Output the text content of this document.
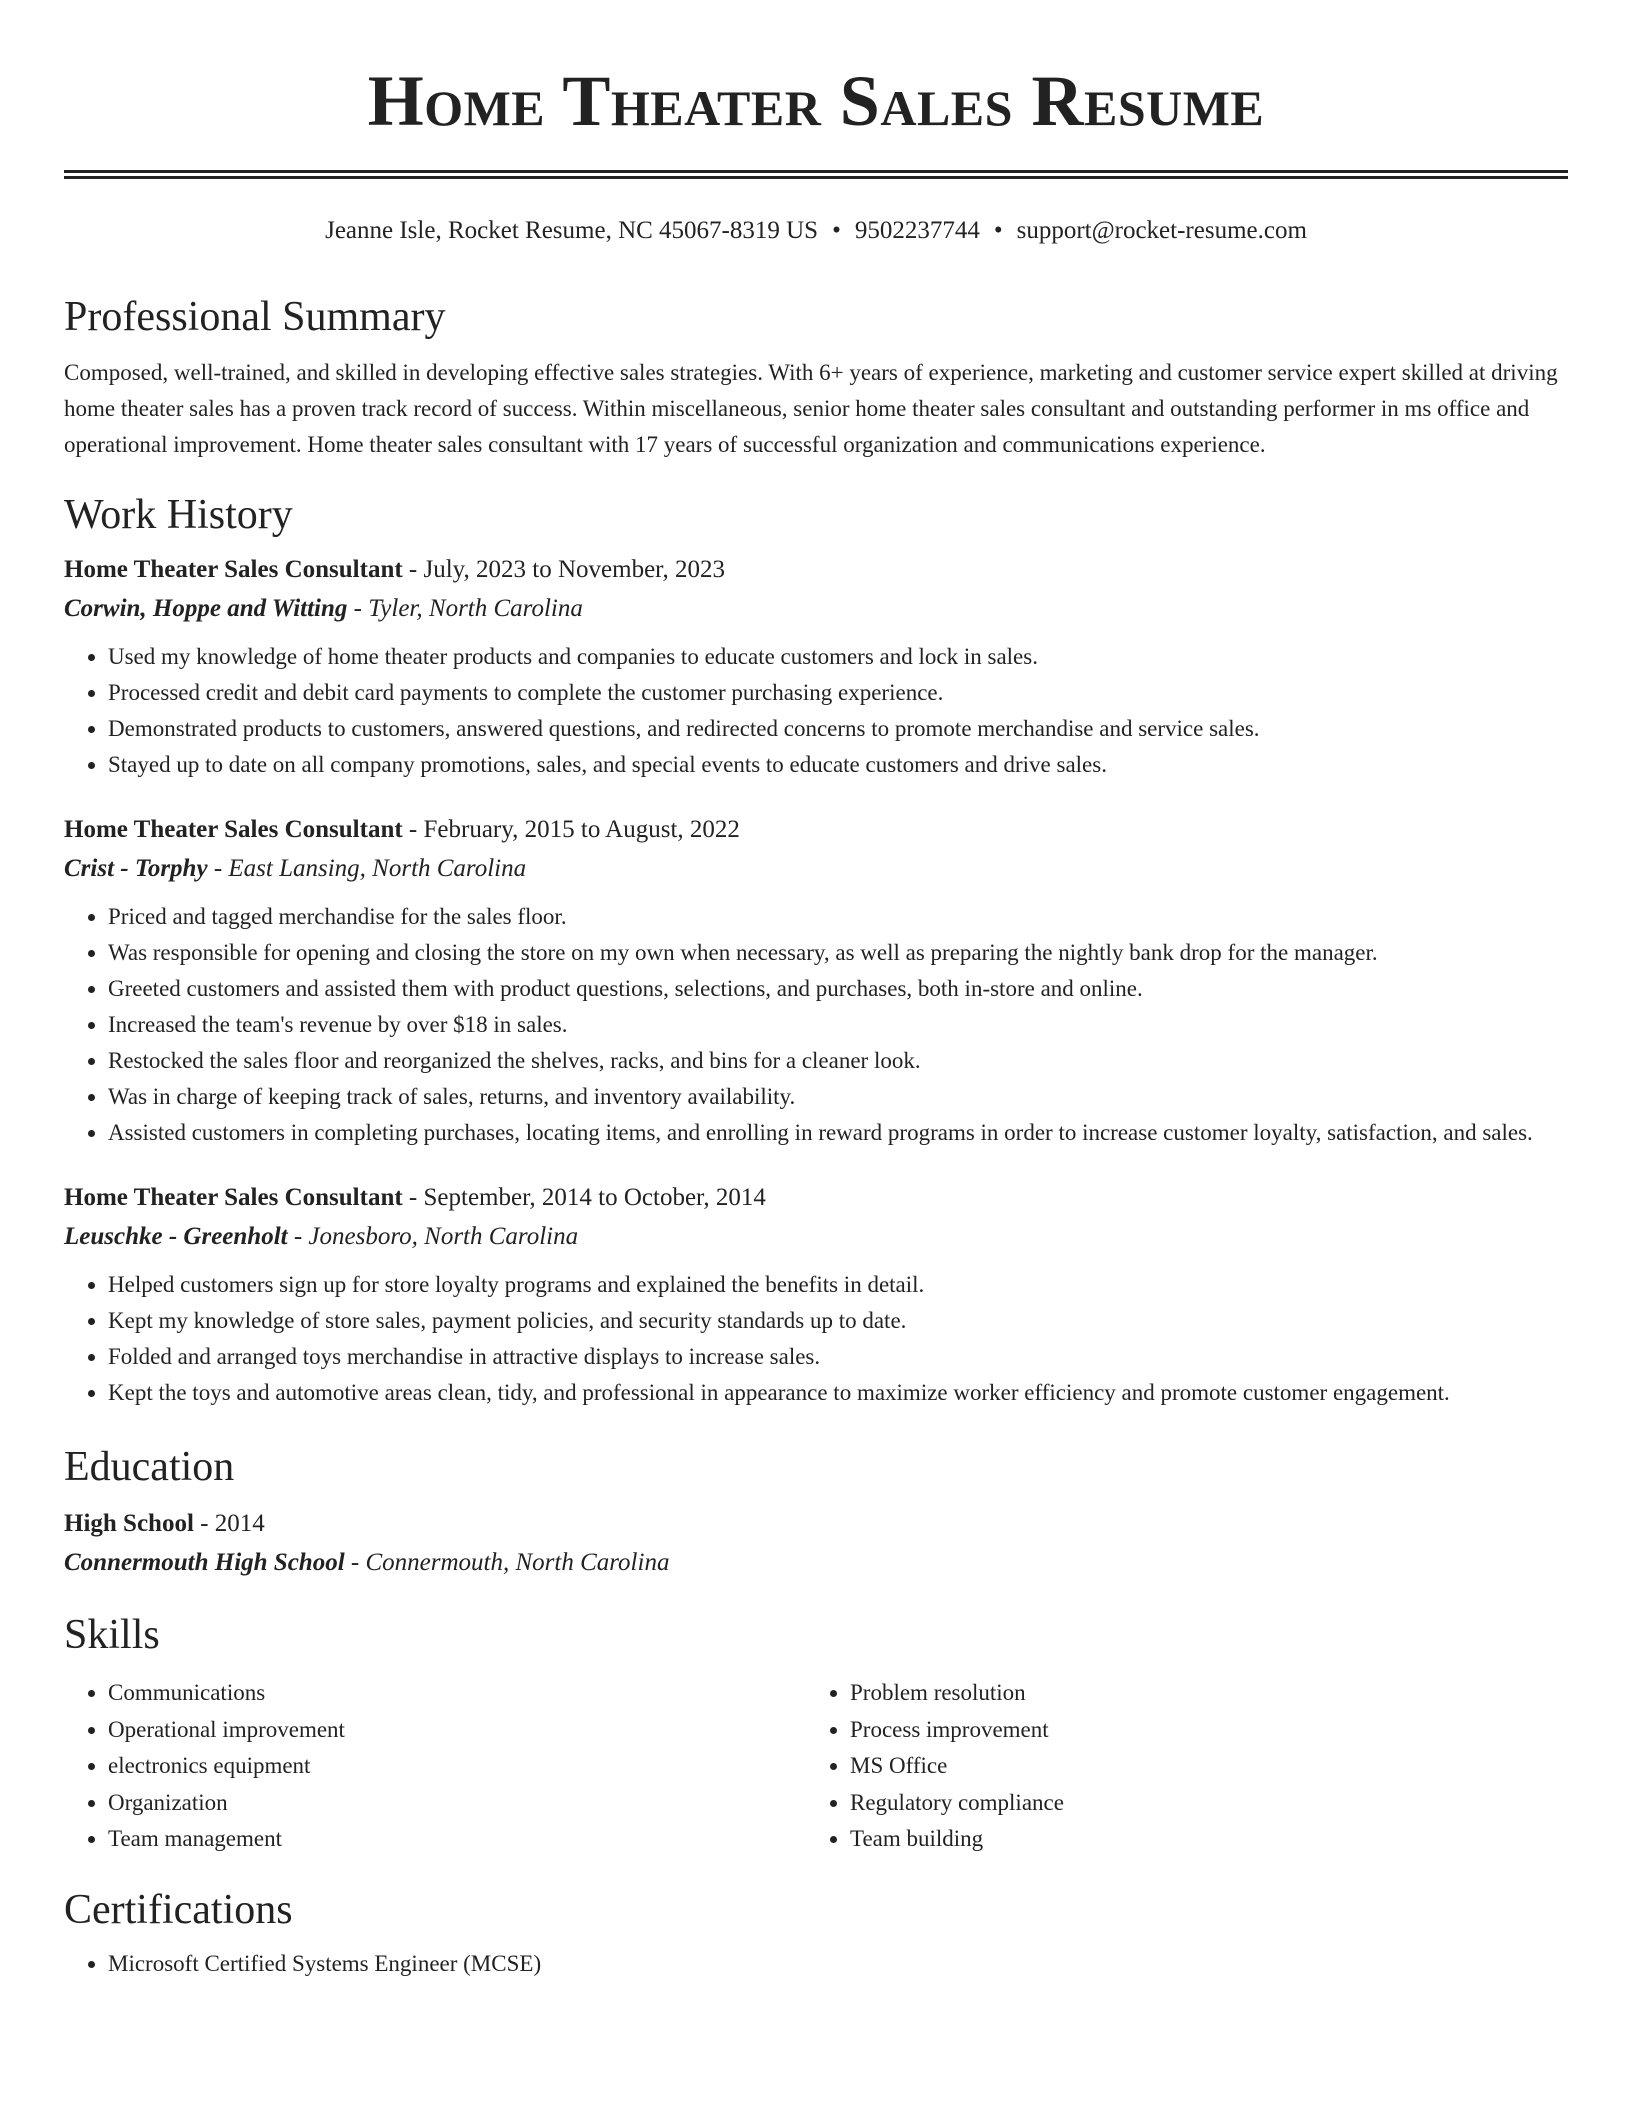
Home Theater Sales Resume
Jeanne Isle, Rocket Resume, NC 45067-8319 US • 9502237744 • support@rocket-resume.com
Professional Summary

Composed, well-trained, and skilled in developing effective sales strategies. With 6+ years of experience, marketing and customer service expert skilled at driving home theater sales has a proven track record of success. Within miscellaneous, senior home theater sales consultant and outstanding performer in ms office and operational improvement. Home theater sales consultant with 17 years of successful organization and communications experience.

Work History

Home Theater Sales Consultant - July, 2023 to November, 2023

Corwin, Hoppe and Witting - Tyler, North Carolina

• Used my knowledge of home theater products and companies to educate customers and lock in sales.
• Processed credit and debit card payments to complete the customer purchasing experience.
• Demonstrated products to customers, answered questions, and redirected concerns to promote merchandise and service sales.
• Stayed up to date on all company promotions, sales, and special events to educate customers and drive sales.

Home Theater Sales Consultant - February, 2015 to August, 2022

Crist - Torphy - East Lansing, North Carolina

• Priced and tagged merchandise for the sales floor.
• Was responsible for opening and closing the store on my own when necessary, as well as preparing the nightly bank drop for the manager.
• Greeted customers and assisted them with product questions, selections, and purchases, both in-store and online.
• Increased the team's revenue by over $18 in sales.
• Restocked the sales floor and reorganized the shelves, racks, and bins for a cleaner look.
• Was in charge of keeping track of sales, returns, and inventory availability.
• Assisted customers in completing purchases, locating items, and enrolling in reward programs in order to increase customer loyalty, satisfaction, and sales.

Home Theater Sales Consultant - September, 2014 to October, 2014

Leuschke - Greenholt - Jonesboro, North Carolina

• Helped customers sign up for store loyalty programs and explained the benefits in detail.
• Kept my knowledge of store sales, payment policies, and security standards up to date.
• Folded and arranged toys merchandise in attractive displays to increase sales.
• Kept the toys and automotive areas clean, tidy, and professional in appearance to maximize worker efficiency and promote customer engagement.
Education

High School - 2014

Connermouth High School - Connermouth, North Carolina

Skills
• Communications
• Operational improvement
• electronics equipment
• Organization
• Team management
• Problem resolution
• Process improvement
• MS Office
• Regulatory compliance
• Team building
Certifications
• Microsoft Certified Systems Engineer (MCSE)
